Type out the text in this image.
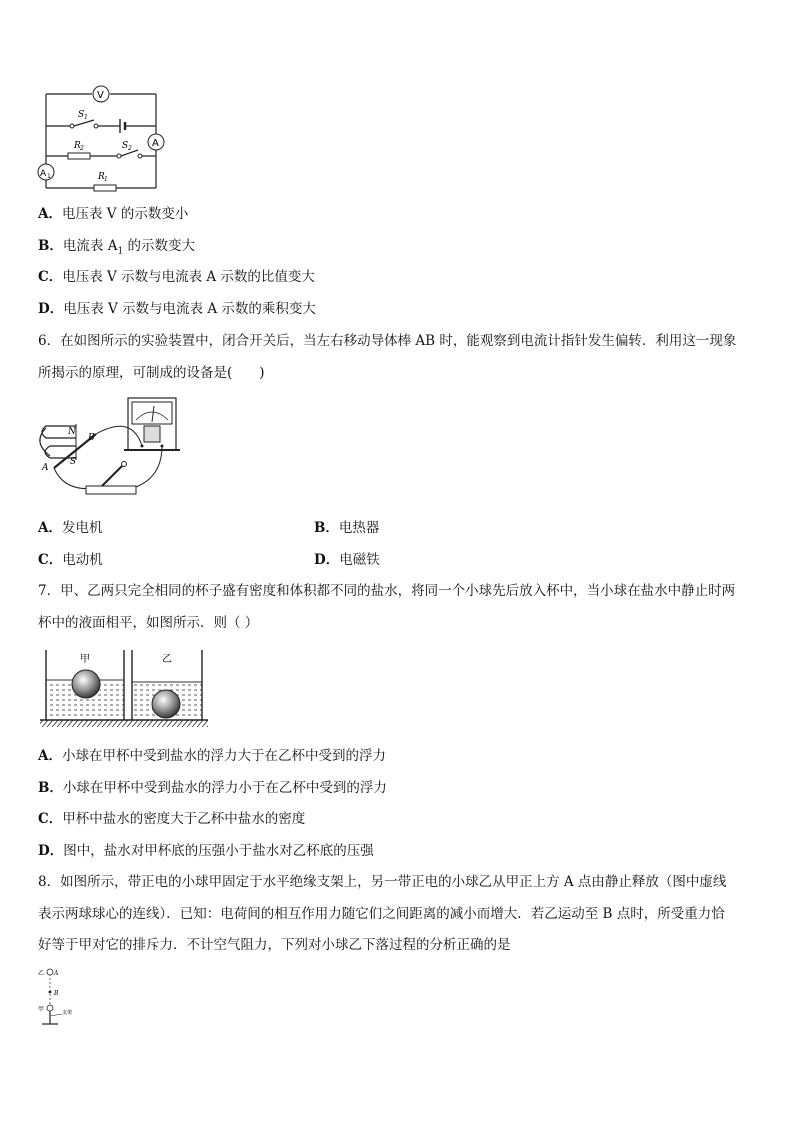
V
A
A 1
S 1
R 2	S 2
R 1
A．电压表 V 的示数变小
B．电流表 $A_1$ 的示数变大
C．电压表 V 示数与电流表 A 示数的比值变大
D．电压表 V 示数与电流表 A 示数的乘积变大
6．在如图所示的实验装置中，闭合开关后，当左右移动导体棒 AB 时，能观察到电流计指针发生偏转．利用这一现象
所揭示的原理，可制成的设备是(　　)
N
S
A
B
A．发电机	B．电热器
C．电动机	D．电磁铁
7．甲、乙两只完全相同的杯子盛有密度和体积都不同的盐水，将同一个小球先后放入杯中，当小球在盐水中静止时两
杯中的液面相平，如图所示．则（ ）
甲	乙
A．小球在甲杯中受到盐水的浮力大于在乙杯中受到的浮力
B．小球在甲杯中受到盐水的浮力小于在乙杯中受到的浮力
C．甲杯中盐水的密度大于乙杯中盐水的密度
D．图中，盐水对甲杯底的压强小于盐水对乙杯底的压强
8．如图所示，带正电的小球甲固定于水平绝缘支架上，另一带正电的小球乙从甲正上方 A 点由静止释放（图中虚线
表示两球球心的连线）．已知：电荷间的相互作用力随它们之间距离的减小而增大．若乙运动至 B 点时，所受重力恰
好等于甲对它的排斥力．不计空气阻力，下列对小球乙下落过程的分析正确的是
乙 A
B
甲	支架
